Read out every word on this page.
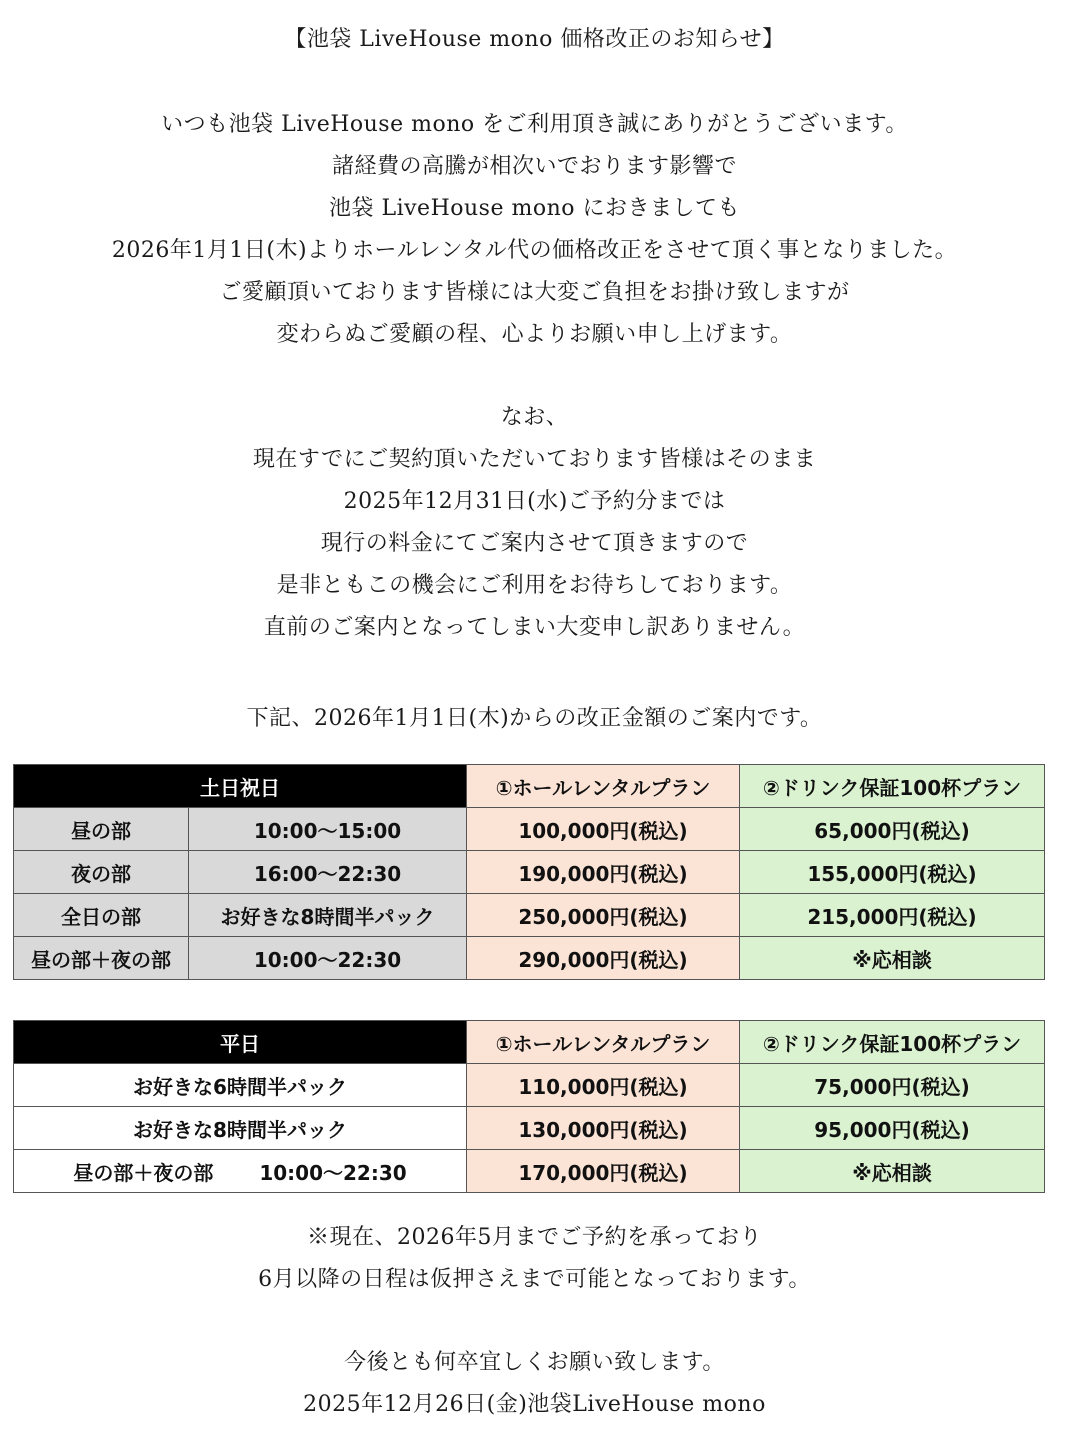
【池袋 LiveHouse mono 価格改正のお知らせ】
いつも池袋 LiveHouse mono をご利用頂き誠にありがとうございます。
諸経費の高騰が相次いでおります影響で
池袋 LiveHouse mono におきましても
2026年1月1日(木)よりホールレンタル代の価格改正をさせて頂く事となりました。
ご愛顧頂いております皆様には大変ご負担をお掛け致しますが
変わらぬご愛顧の程、心よりお願い申し上げます。
なお、
現在すでにご契約頂いただいております皆様はそのまま
2025年12月31日(水)ご予約分までは
現行の料金にてご案内させて頂きますので
是非ともこの機会にご利用をお待ちしております。
直前のご案内となってしまい大変申し訳ありません。
下記、2026年1月1日(木)からの改正金額のご案内です。
土日祝日		①ホールレンタルプラン	②ドリンク保証100杯プラン
昼の部	10:00～15:00	100,000円(税込)	65,000円(税込)
夜の部	16:00～22:30	190,000円(税込)	155,000円(税込)
全日の部	お好きな8時間半パック	250,000円(税込)	215,000円(税込)
昼の部＋夜の部	10:00～22:30	290,000円(税込)	※応相談
平日	①ホールレンタルプラン	②ドリンク保証100杯プラン
お好きな6時間半パック	110,000円(税込)	75,000円(税込)
お好きな8時間半パック	130,000円(税込)	95,000円(税込)
昼の部＋夜の部 10:00～22:30	170,000円(税込)	※応相談
※現在、2026年5月までご予約を承っており
6月以降の日程は仮押さえまで可能となっております。
今後とも何卒宜しくお願い致します。
2025年12月26日(金)池袋LiveHouse mono
